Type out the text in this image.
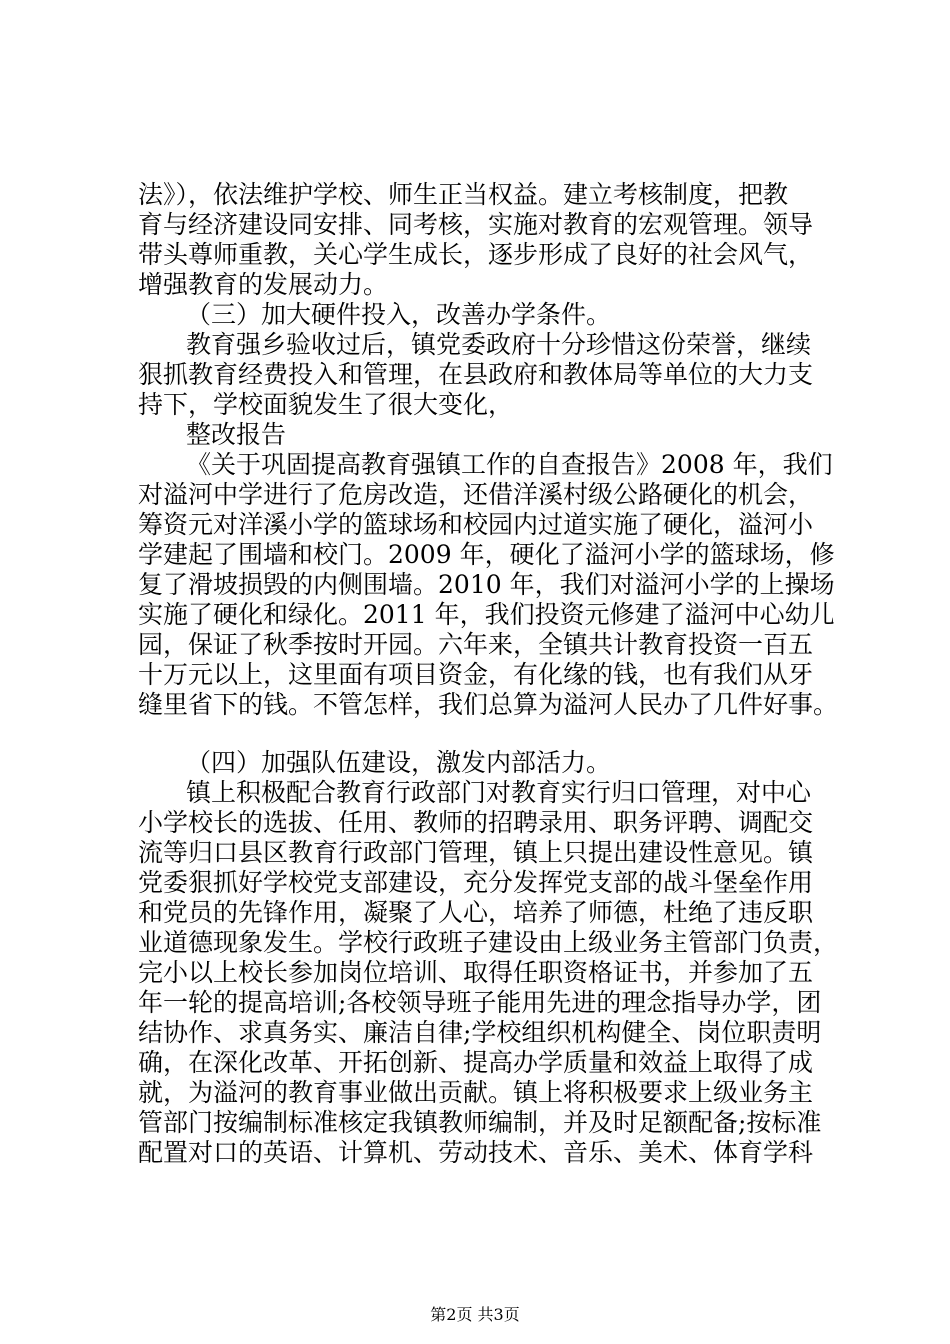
法》），依法维护学校、师生正当权益。建立考核制度，把教
育与经济建设同安排、同考核，实施对教育的宏观管理。领导
带头尊师重教，关心学生成长，逐步形成了良好的社会风气，
增强教育的发展动力。
（三）加大硬件投入，改善办学条件。
教育强乡验收过后，镇党委政府十分珍惜这份荣誉，继续
狠抓教育经费投入和管理，在县政府和教体局等单位的大力支
持下，学校面貌发生了很大变化，
整改报告
《关于巩固提高教育强镇工作的自查报告》2008 年，我们
对溢河中学进行了危房改造，还借洋溪村级公路硬化的机会，
筹资元对洋溪小学的篮球场和校园内过道实施了硬化，溢河小
学建起了围墙和校门。2009 年，硬化了溢河小学的篮球场，修
复了滑坡损毁的内侧围墙。2010 年，我们对溢河小学的上操场
实施了硬化和绿化。2011 年，我们投资元修建了溢河中心幼儿
园，保证了秋季按时开园。六年来，全镇共计教育投资一百五
十万元以上，这里面有项目资金，有化缘的钱，也有我们从牙
缝里省下的钱。不管怎样，我们总算为溢河人民办了几件好事。
（四）加强队伍建设，激发内部活力。
镇上积极配合教育行政部门对教育实行归口管理，对中心
小学校长的选拔、任用、教师的招聘录用、职务评聘、调配交
流等归口县区教育行政部门管理，镇上只提出建设性意见。镇
党委狠抓好学校党支部建设，充分发挥党支部的战斗堡垒作用
和党员的先锋作用，凝聚了人心，培养了师德，杜绝了违反职
业道德现象发生。学校行政班子建设由上级业务主管部门负责，
完小以上校长参加岗位培训、取得任职资格证书，并参加了五
年一轮的提高培训;各校领导班子能用先进的理念指导办学，团
结协作、求真务实、廉洁自律;学校组织机构健全、岗位职责明
确，在深化改革、开拓创新、提高办学质量和效益上取得了成
就，为溢河的教育事业做出贡献。镇上将积极要求上级业务主
管部门按编制标准核定我镇教师编制，并及时足额配备;按标准
配置对口的英语、计算机、劳动技术、音乐、美术、体育学科
第2页 共3页
